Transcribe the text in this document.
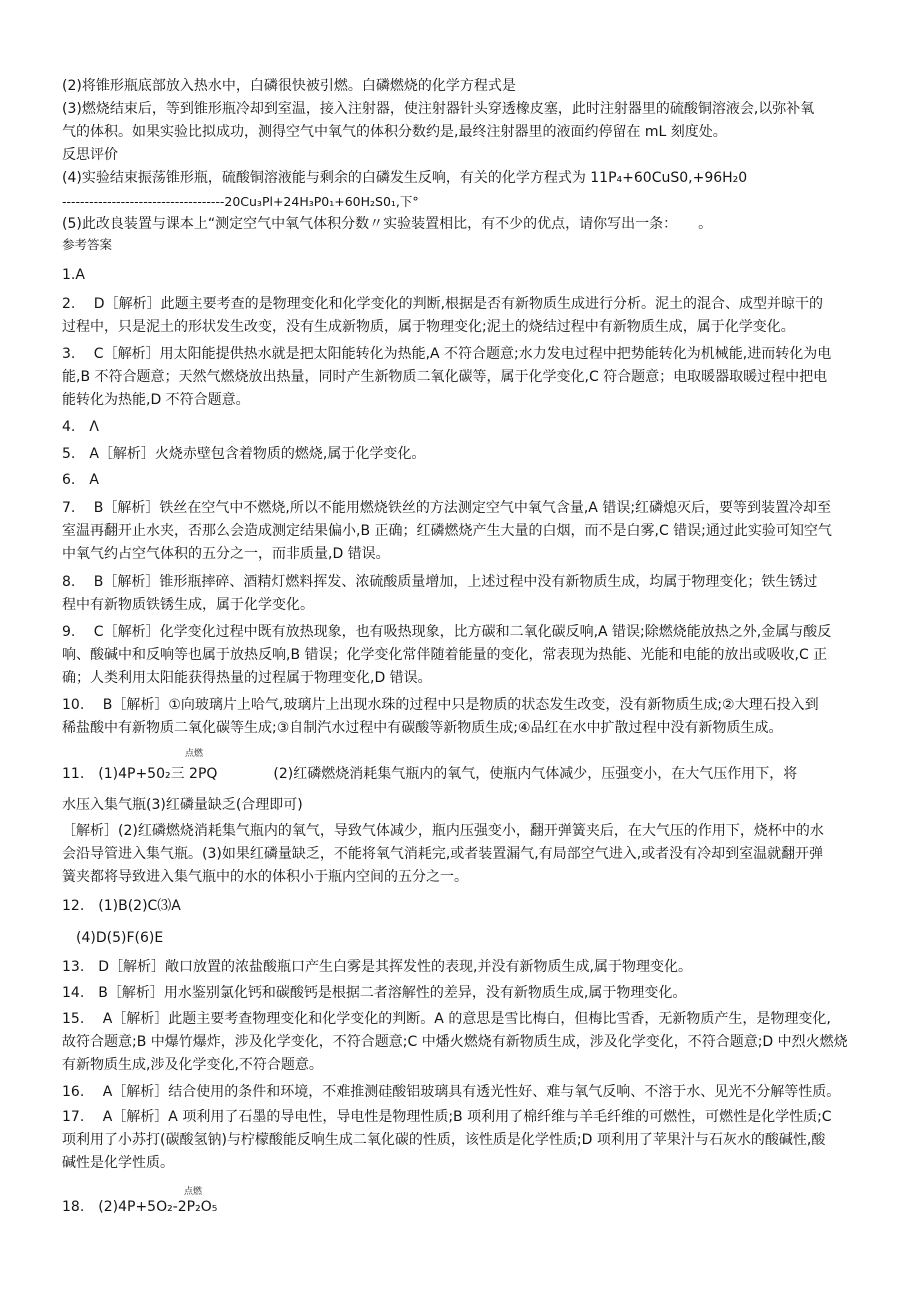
(2)将锥形瓶底部放入热水中，白磷很快被引燃。白磷燃烧的化学方程式是
(3)燃烧结束后，等到锥形瓶冷却到室温，接入注射器，使注射器针头穿透橡皮塞，此时注射器里的硫酸铜溶液会,以弥补氧
气的体积。如果实验比拟成功，测得空气中氧气的体积分数约是,最终注射器里的液面约停留在 mL 刻度处。
反思评价
(4)实验结束振荡锥形瓶，硫酸铜溶液能与剩余的白磷发生反响，有关的化学方程式为 11P₄+60CuS0,+96H₂0
------------------------------------20Cu₃Pl+24H₃P0₁+60H₂S0₁,下°
(5)此改良装置与课本上“测定空气中氧气体积分数〃实验装置相比，有不少的优点，请你写出一条：　　。
参考答案
1.A
2.　 D［解析］此题主要考查的是物理变化和化学变化的判断,根据是否有新物质生成进行分析。泥土的混合、成型并晾干的
过程中，只是泥土的形状发生改变，没有生成新物质，属于物理变化;泥土的烧结过程中有新物质生成，属于化学变化。
3.　 C［解析］用太阳能提供热水就是把太阳能转化为热能,A 不符合题意;水力发电过程中把势能转化为机械能,进而转化为电
能,B 不符合题意；天然气燃烧放出热量，同时产生新物质二氧化碳等，属于化学变化,C 符合题意；电取暖器取暖过程中把电
能转化为热能,D 不符合题意。
4.　Λ
5.　A［解析］火烧赤壁包含着物质的燃烧,属于化学变化。
6.　A
7.　 B［解析］铁丝在空气中不燃烧,所以不能用燃烧铁丝的方法测定空气中氧气含量,A 错误;红磷熄灭后，要等到装置冷却至
室温再翻开止水夹，否那么会造成测定结果偏小,B 正确；红磷燃烧产生大量的白烟，而不是白雾,C 错误;通过此实验可知空气
中氧气约占空气体积的五分之一，而非质量,D 错误。
8.　 B［解析］锥形瓶摔碎、酒精灯燃料挥发、浓硫酸质量增加，上述过程中没有新物质生成，均属于物理变化；铁生锈过
程中有新物质铁锈生成，属于化学变化。
9.　 C［解析］化学变化过程中既有放热现象，也有吸热现象，比方碳和二氧化碳反响,A 错误;除燃烧能放热之外,金属与酸反
响、酸碱中和反响等也属于放热反响,B 错误；化学变化常伴随着能量的变化，常表现为热能、光能和电能的放出或吸收,C 正
确；人类利用太阳能获得热量的过程属于物理变化,D 错误。
10.　 B［解析］①向玻璃片上哈气,玻璃片上出现水珠的过程中只是物质的状态发生改变，没有新物质生成;②大理石投入到
稀盐酸中有新物质二氧化碳等生成;③自制汽水过程中有碳酸等新物质生成;④品红在水中扩散过程中没有新物质生成。
点燃
11.　(1)4P+50₂三 2PQ　　　　(2)红磷燃烧消耗集气瓶内的氧气，使瓶内气体减少，压强变小，在大气压作用下，将
水压入集气瓶(3)红磷量缺乏(合理即可)
［解析］(2)红磷燃烧消耗集气瓶内的氧气，导致气体减少，瓶内压强变小，翻开弹簧夹后，在大气压的作用下，烧杯中的水
会沿导管进入集气瓶。(3)如果红磷量缺乏，不能将氧气消耗完,或者装置漏气,有局部空气进入,或者没有冷却到室温就翻开弹
簧夹都将导致进入集气瓶中的水的体积小于瓶内空间的五分之一。
12.　(1)B(2)C⑶A
　(4)D(5)F(6)E
13.　D［解析］敞口放置的浓盐酸瓶口产生白雾是其挥发性的表现,并没有新物质生成,属于物理变化。
14.　B［解析］用水鉴别氯化钙和碳酸钙是根据二者溶解性的差异，没有新物质生成,属于物理变化。
15.　 A［解析］此题主要考查物理变化和化学变化的判断。A 的意思是雪比梅白，但梅比雪香，无新物质产生，是物理变化,
故符合题意;B 中爆竹爆炸，涉及化学变化，不符合题意;C 中燔火燃烧有新物质生成，涉及化学变化，不符合题意;D 中烈火燃烧
有新物质生成,涉及化学变化,不符合题意。
16.　 A［解析］结合使用的条件和环境，不难推测硅酸铝玻璃具有透光性好、难与氧气反响、不溶于水、见光不分解等性质。
17.　 A［解析］A 项利用了石墨的导电性，导电性是物理性质;B 项利用了棉纤维与羊毛纤维的可燃性，可燃性是化学性质;C
项利用了小苏打(碳酸氢钠)与柠檬酸能反响生成二氧化碳的性质，该性质是化学性质;D 项利用了苹果汁与石灰水的酸碱性,酸
碱性是化学性质。
点燃
18.　(2)4P+5O₂-2P₂O₅
